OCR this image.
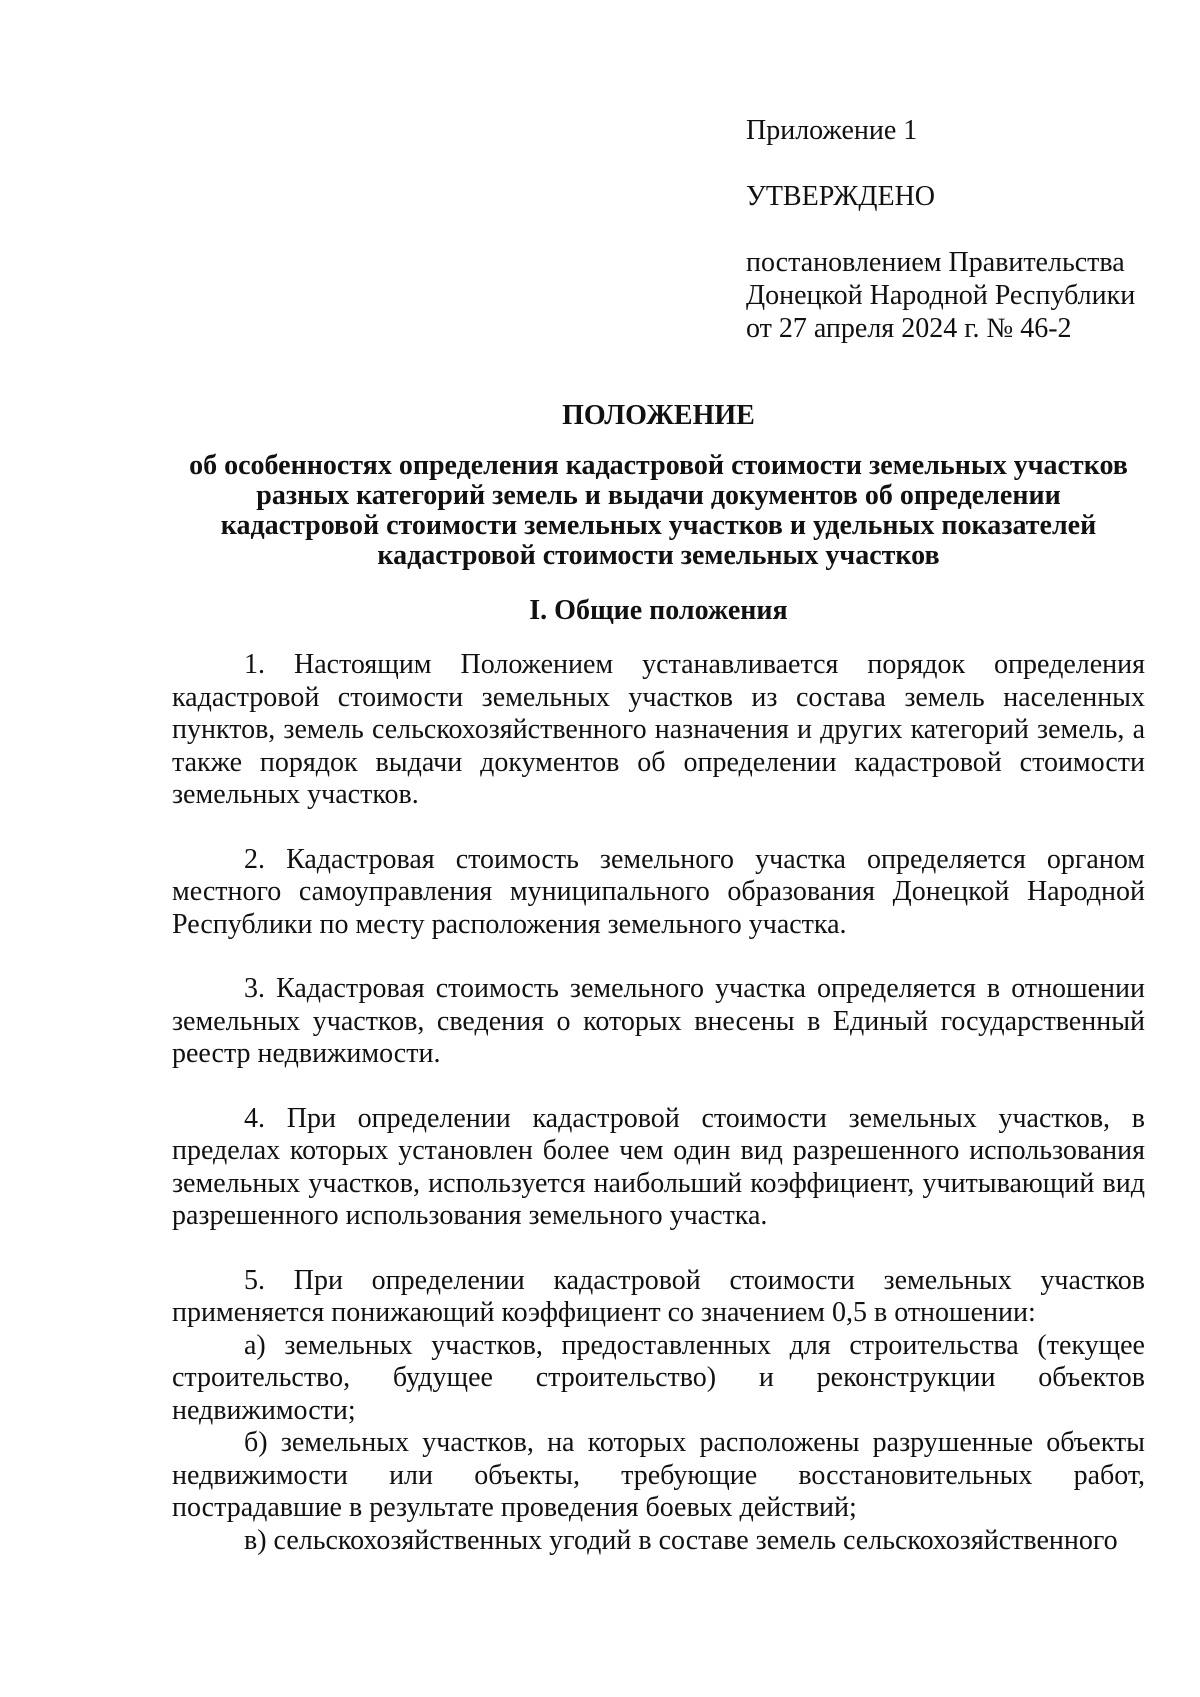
Приложение 1
УТВЕРЖДЕНО
постановлением Правительства
Донецкой Народной Республики
от 27 апреля 2024 г. № 46-2
ПОЛОЖЕНИЕ
об особенностях определения кадастровой стоимости земельных участков
разных категорий земель и выдачи документов об определении
кадастровой стоимости земельных участков и удельных показателей
кадастровой стоимости земельных участков
I. Общие положения

1. Настоящим Положением устанавливается порядок определения кадастровой стоимости земельных участков из состава земель населенных пунктов, земель сельскохозяйственного назначения и других категорий земель, а также порядок выдачи документов об определении кадастровой стоимости земельных участков.

2. Кадастровая стоимость земельного участка определяется органом местного самоуправления муниципального образования Донецкой Народной Республики по месту расположения земельного участка.

3. Кадастровая стоимость земельного участка определяется в отношении земельных участков, сведения о которых внесены в Единый государственный реестр недвижимости.

4. При определении кадастровой стоимости земельных участков, в пределах которых установлен более чем один вид разрешенного использования земельных участков, используется наибольший коэффициент, учитывающий вид разрешенного использования земельного участка.

5. При определении кадастровой стоимости земельных участков применяется понижающий коэффициент со значением 0,5 в отношении:

а) земельных участков, предоставленных для строительства (текущее строительство, будущее строительство) и реконструкции объектов недвижимости;

б) земельных участков, на которых расположены разрушенные объекты недвижимости или объекты, требующие восстановительных работ, пострадавшие в результате проведения боевых действий;

в) сельскохозяйственных угодий в составе земель сельскохозяйственного
